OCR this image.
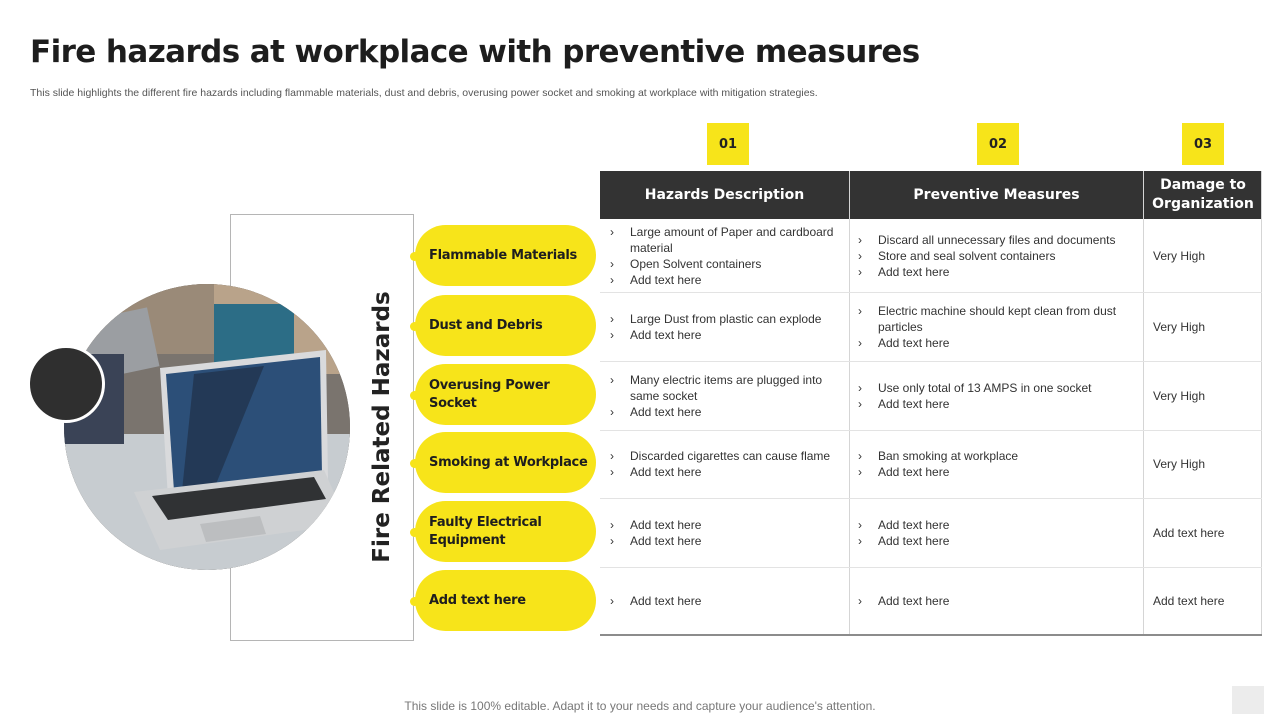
Fire hazards at workplace with preventive measures
This slide highlights the different fire hazards including flammable materials, dust and debris, overusing power socket and smoking at workplace with mitigation strategies.
Fire Related Hazards
Flammable Materials
Dust and Debris
Overusing Power Socket
Smoking at Workplace
Faulty Electrical Equipment
Add text here
01	02	03
Hazards Description	Preventive Measures
Damage to Organization
› Large amount of Paper and cardboard material
› Open Solvent containers
› Add text here
› Discard all unnecessary files and documents
› Store and seal solvent containers
› Add text here
Very High
› Large Dust from plastic can explode
› Add text here
› Electric machine should kept clean from dust particles
› Add text here
Very High
› Many electric items are plugged into same socket
› Add text here
› Use only total of 13 AMPS in one socket
› Add text here
Very High
› Discarded cigarettes can cause flame
› Add text here
› Ban smoking at workplace
› Add text here
Very High
› Add text here
› Add text here
› Add text here
› Add text here
Add text here
› Add text here
›	Add text here	Add text here
This slide is 100% editable. Adapt it to your needs and capture your audience's attention.
